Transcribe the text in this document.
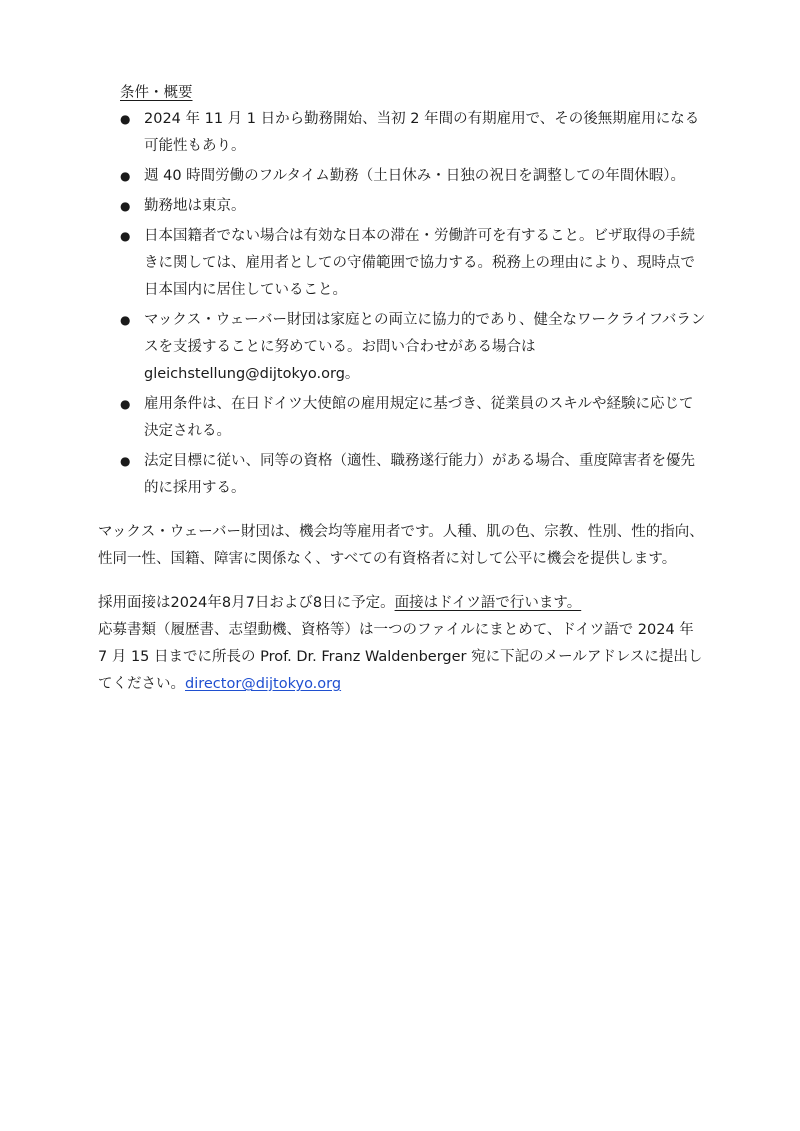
条件・概要
● 2024 年 11 月 1 日から勤務開始、当初 2 年間の有期雇用で、その後無期雇用になる可能性もあり。
● 週 40 時間労働のフルタイム勤務（土日休み・日独の祝日を調整しての年間休暇）。
● 勤務地は東京。
● 日本国籍者でない場合は有効な日本の滞在・労働許可を有すること。ビザ取得の手続きに関しては、雇用者としての守備範囲で協力する。税務上の理由により、現時点で日本国内に居住していること。
● マックス・ウェーバー財団は家庭との両立に協力的であり、健全なワークライフバランスを支援することに努めている。お問い合わせがある場合は gleichstellung@dijtokyo.org。
● 雇用条件は、在日ドイツ大使館の雇用規定に基づき、従業員のスキルや経験に応じて決定される。
● 法定目標に従い、同等の資格（適性、職務遂行能力）がある場合、重度障害者を優先的に採用する。

マックス・ウェーバー財団は、機会均等雇用者です。人種、肌の色、宗教、性別、性的指向、性同一性、国籍、障害に関係なく、すべての有資格者に対して公平に機会を提供します。

採用面接は2024年8月7日および8日に予定。面接はドイツ語で行います。

応募書類（履歴書、志望動機、資格等）は一つのファイルにまとめて、ドイツ語で 2024 年 7 月 15 日までに所長の Prof. Dr. Franz Waldenberger 宛に下記のメールアドレスに提出してください。director@dijtokyo.org
